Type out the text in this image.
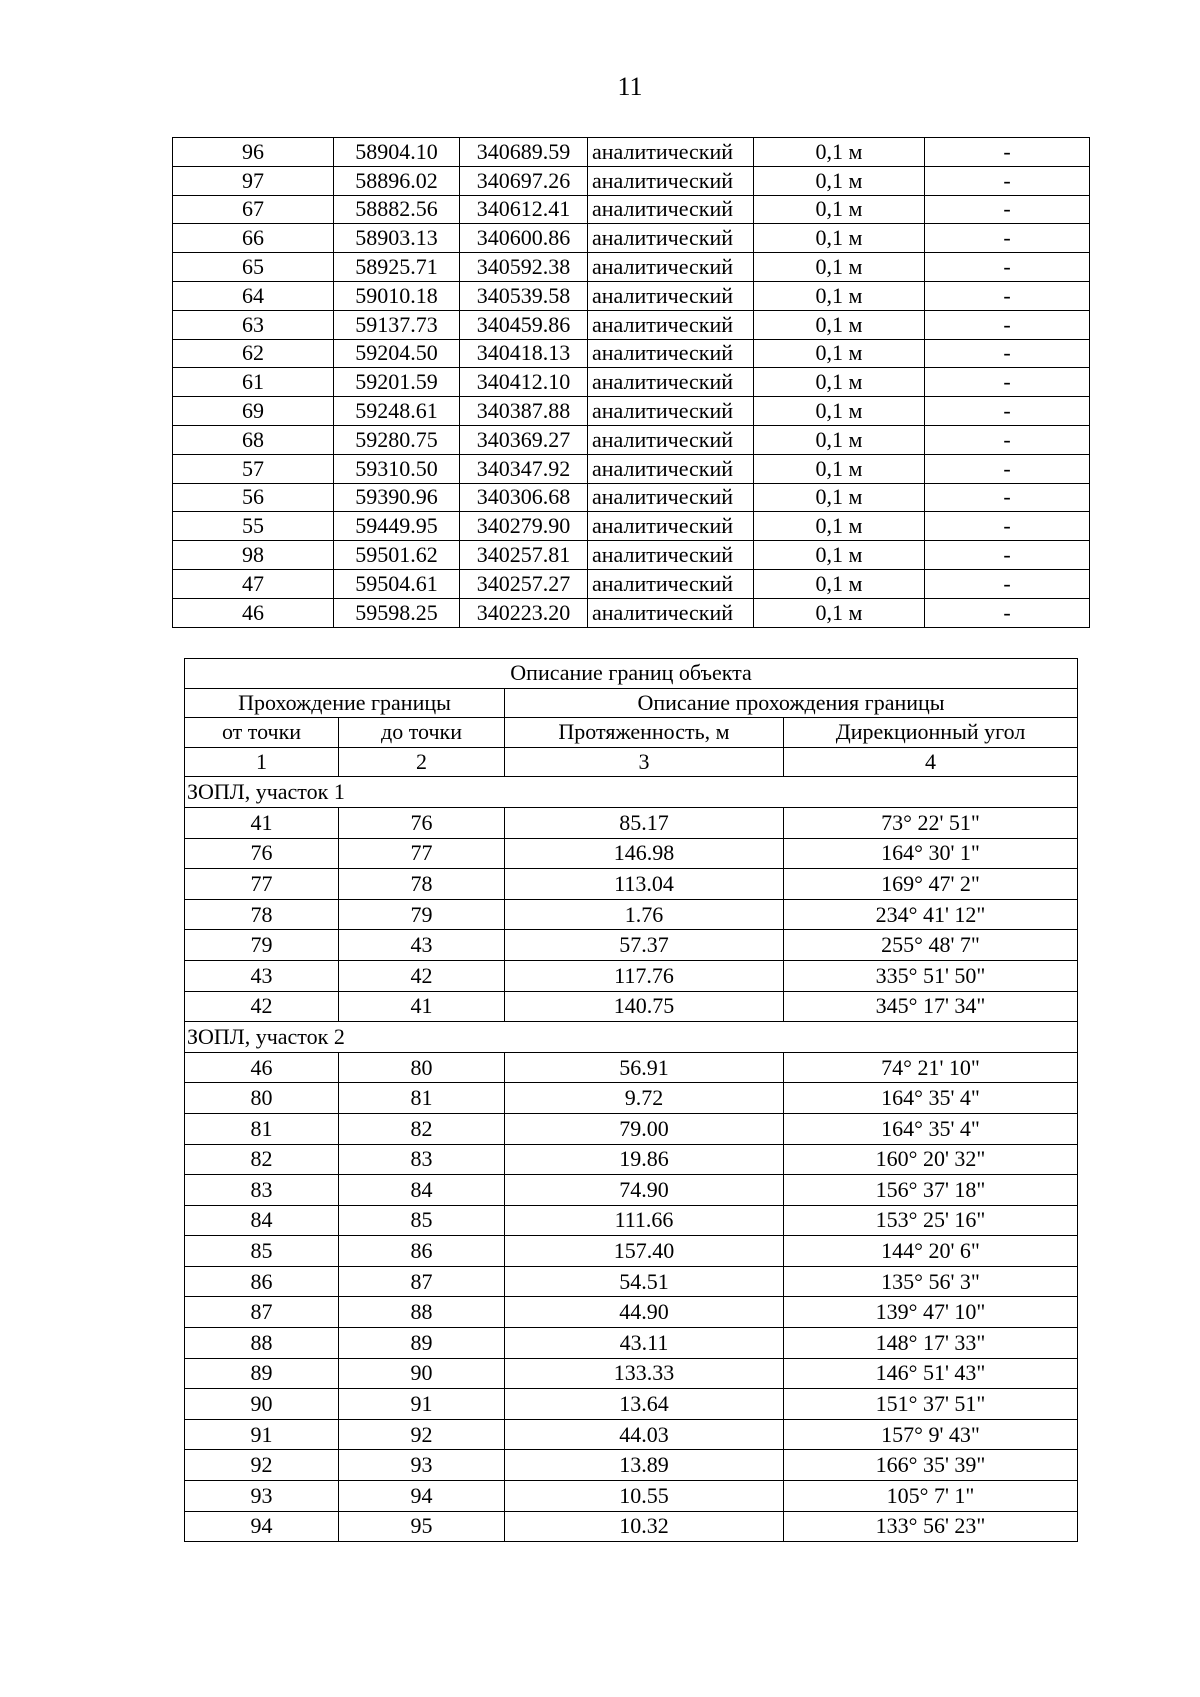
11
96	58904.10	340689.59	аналитический	0,1 м	-
97	58896.02	340697.26	аналитический	0,1 м	-
67	58882.56	340612.41	аналитический	0,1 м	-
66	58903.13	340600.86	аналитический	0,1 м	-
65	58925.71	340592.38	аналитический	0,1 м	-
64	59010.18	340539.58	аналитический	0,1 м	-
63	59137.73	340459.86	аналитический	0,1 м	-
62	59204.50	340418.13	аналитический	0,1 м	-
61	59201.59	340412.10	аналитический	0,1 м	-
69	59248.61	340387.88	аналитический	0,1 м	-
68	59280.75	340369.27	аналитический	0,1 м	-
57	59310.50	340347.92	аналитический	0,1 м	-
56	59390.96	340306.68	аналитический	0,1 м	-
55	59449.95	340279.90	аналитический	0,1 м	-
98	59501.62	340257.81	аналитический	0,1 м	-
47	59504.61	340257.27	аналитический	0,1 м	-
46	59598.25	340223.20	аналитический	0,1 м	-
Описание границ объекта			
Прохождение границы		Описание прохождения границы	
от точки	до точки	Протяженность, м	Дирекционный угол
1	2	3	4
ЗОПЛ, участок 1			
41	76	85.17	73° 22' 51"
76	77	146.98	164° 30' 1"
77	78	113.04	169° 47' 2"
78	79	1.76	234° 41' 12"
79	43	57.37	255° 48' 7"
43	42	117.76	335° 51' 50"
42	41	140.75	345° 17' 34"
ЗОПЛ, участок 2			
46	80	56.91	74° 21' 10"
80	81	9.72	164° 35' 4"
81	82	79.00	164° 35' 4"
82	83	19.86	160° 20' 32"
83	84	74.90	156° 37' 18"
84	85	111.66	153° 25' 16"
85	86	157.40	144° 20' 6"
86	87	54.51	135° 56' 3"
87	88	44.90	139° 47' 10"
88	89	43.11	148° 17' 33"
89	90	133.33	146° 51' 43"
90	91	13.64	151° 37' 51"
91	92	44.03	157° 9' 43"
92	93	13.89	166° 35' 39"
93	94	10.55	105° 7' 1"
94	95	10.32	133° 56' 23"
